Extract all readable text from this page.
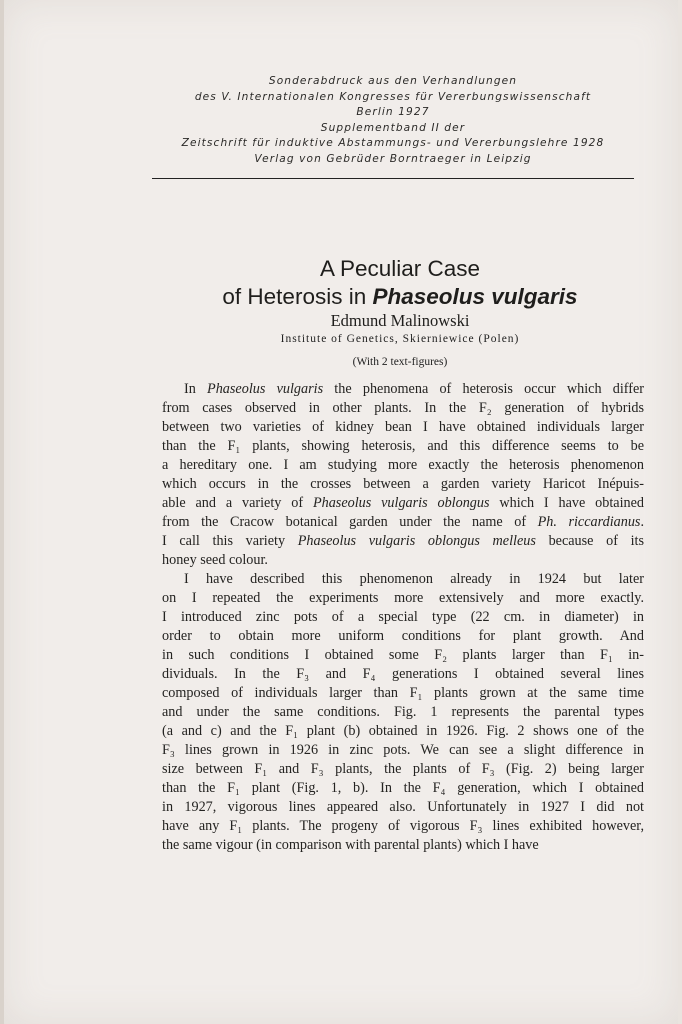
Sonderabdruck aus den Verhandlungen
des V. Internationalen Kongresses für Vererbungswissenschaft
Berlin 1927
Supplementband II der
Zeitschrift für induktive Abstammungs- und Vererbungslehre 1928
Verlag von Gebrüder Borntraeger in Leipzig
A Peculiar Case
of Heterosis in Phaseolus vulgaris
Edmund Malinowski
Institute of Genetics, Skierniewice (Polen)
(With 2 text-figures)
In Phaseolus vulgaris the phenomena of heterosis occur which differ
from cases observed in other plants. In the F₂ generation of hybrids
between two varieties of kidney bean I have obtained individuals larger
than the F₁ plants, showing heterosis, and this difference seems to be
a hereditary one. I am studying more exactly the heterosis phenomenon
which occurs in the crosses between a garden variety Haricot Inépuis-
able and a variety of Phaseolus vulgaris oblongus which I have obtained
from the Cracow botanical garden under the name of Ph. riccardianus.
I call this variety Phaseolus vulgaris oblongus melleus because of its
honey seed colour.
I have described this phenomenon already in 1924 but later
on I repeated the experiments more extensively and more exactly.
I introduced zinc pots of a special type (22 cm. in diameter) in
order to obtain more uniform conditions for plant growth. And
in such conditions I obtained some F₂ plants larger than F₁ in-
dividuals. In the F₃ and F₄ generations I obtained several lines
composed of individuals larger than F₁ plants grown at the same time
and under the same conditions. Fig. 1 represents the parental types
(a and c) and the F₁ plant (b) obtained in 1926. Fig. 2 shows one of the
F₃ lines grown in 1926 in zinc pots. We can see a slight difference in
size between F₁ and F₃ plants, the plants of F₃ (Fig. 2) being larger
than the F₁ plant (Fig. 1, b). In the F₄ generation, which I obtained
in 1927, vigorous lines appeared also. Unfortunately in 1927 I did not
have any F₁ plants. The progeny of vigorous F₃ lines exhibited however,
the same vigour (in comparison with parental plants) which I have
